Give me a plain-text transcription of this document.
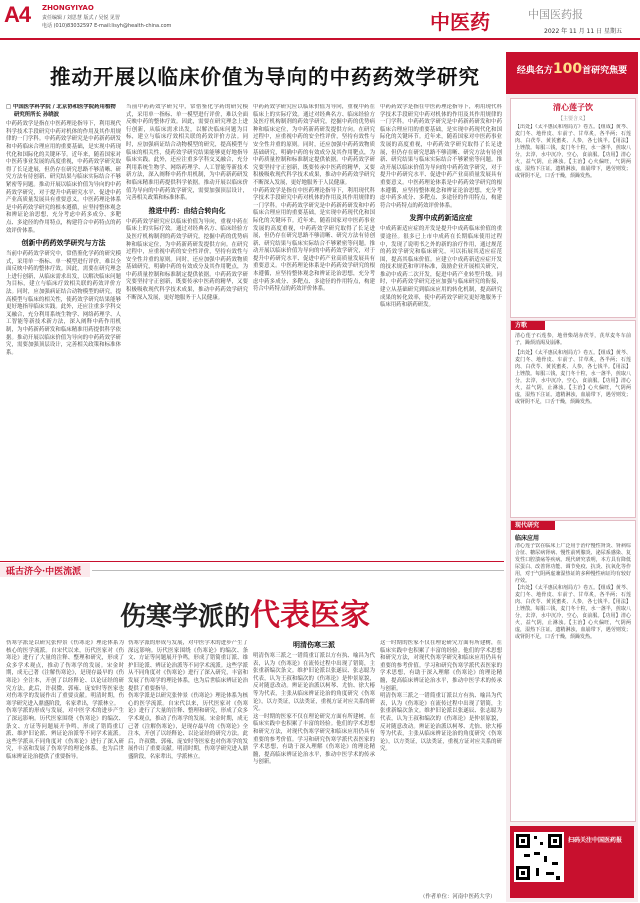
A4 ZHONGYIYAO
责任编辑 / 刘思慧 版式 / 吴悦 见習
电话 (010)83032597 E-mail:lisyh@health-china.com	中医药	中国医药报
2022 年 11 月 11 日 星期五
推动开展以临床价值为导向的中药药效学研究
□ 中国医学科学院 / 北京协和医学院药用植物
研究所所长 孙晓波
中药药效学是指在中医药理论指导下，利用现代科学技术手段研究中药对机体的作用及其作用规律的一门学科。中药药效学研究是中药新药研发和中药临床合理应用的重要基础，是实现中药现代化和国际化的关键环节。近年来，随着国家对中医药事业发展的高度重视，中药药效学研究取得了长足进展，但仍存在研究思路不够清晰、研究方法有待创新、研究结果与临床实际结合不够紧密等问题。推动开展以临床价值为导向的中药药效学研究，对于提升中药研究水平、促进中药产业高质量发展具有重要意义。中医药理论体系是中药药效学研究的根本遵循，应坚持整体观念和辨证论治思想，充分考虑中药多成分、多靶点、多途径的作用特点，构建符合中药特点的药效评价体系。
创新中药药效学研究与方法
当前中药药效学研究中，常借鉴化学药的研究模式，采用单一指标、单一模型进行评价，难以全面反映中药的整体疗效。因此，需要在研究理念上进行创新，从临床需求出发，以解决临床问题为目标，建立与临床疗效相关联的药效评价方法。同时，应加强病证结合动物模型的研究，提高模型与临床的相关性，使药效学研究结果能够更好地指导临床实践。此外，还应注重多学科交叉融合，充分利用系统生物学、网络药理学、人工智能等新技术新方法，深入阐释中药作用机制，为中药新药研发和临床精准用药提供科学依据。推动开展以临床价值为导向的中药药效学研究，需要加强顶层设计，完善相关政策和标准体系。
当前中药药效学研究中，常借鉴化学药的研究模式，采用单一指标、单一模型进行评价，难以全面反映中药的整体疗效。因此，需要在研究理念上进行创新，从临床需求出发，以解决临床问题为目标，建立与临床疗效相关联的药效评价方法。同时，应加强病证结合动物模型的研究，提高模型与临床的相关性，使药效学研究结果能够更好地指导临床实践。此外，还应注重多学科交叉融合，充分利用系统生物学、网络药理学、人工智能等新技术新方法，深入阐释中药作用机制，为中药新药研发和临床精准用药提供科学依据。推动开展以临床价值为导向的中药药效学研究，需要加强顶层设计，完善相关政策和标准体系。
推进中药：由结合转向化
中药药效学研究应以临床价值为导向，重视中药在临床上的实际疗效。通过对经典名方、临床经验方及医疗机构制剂的药效学研究，挖掘中药的优势病种和临床定位，为中药新药研发提供方向。在研究过程中，应重视中药的安全性评价，坚持有效性与安全性并重的原则。同时，还应加强中药药效物质基础研究，明确中药的有效成分及其作用靶点，为中药质量控制和标准制定提供依据。中药药效学研究要坚持守正创新，既要传承中医药的精华，又要积极吸收现代科学技术成果，推动中药药效学研究不断深入发展，更好地服务于人民健康。
中药药效学研究应以临床价值为导向，重视中药在临床上的实际疗效。通过对经典名方、临床经验方及医疗机构制剂的药效学研究，挖掘中药的优势病种和临床定位，为中药新药研发提供方向。在研究过程中，应重视中药的安全性评价，坚持有效性与安全性并重的原则。同时，还应加强中药药效物质基础研究，明确中药的有效成分及其作用靶点，为中药质量控制和标准制定提供依据。中药药效学研究要坚持守正创新，既要传承中医药的精华，又要积极吸收现代科学技术成果，推动中药药效学研究不断深入发展，更好地服务于人民健康。
中药药效学是指在中医药理论指导下，利用现代科学技术手段研究中药对机体的作用及其作用规律的一门学科。中药药效学研究是中药新药研发和中药临床合理应用的重要基础，是实现中药现代化和国际化的关键环节。近年来，随着国家对中医药事业发展的高度重视，中药药效学研究取得了长足进展，但仍存在研究思路不够清晰、研究方法有待创新、研究结果与临床实际结合不够紧密等问题。推动开展以临床价值为导向的中药药效学研究，对于提升中药研究水平、促进中药产业高质量发展具有重要意义。中医药理论体系是中药药效学研究的根本遵循，应坚持整体观念和辨证论治思想，充分考虑中药多成分、多靶点、多途径的作用特点，构建符合中药特点的药效评价体系。
中药药效学是指在中医药理论指导下，利用现代科学技术手段研究中药对机体的作用及其作用规律的一门学科。中药药效学研究是中药新药研发和中药临床合理应用的重要基础，是实现中药现代化和国际化的关键环节。近年来，随着国家对中医药事业发展的高度重视，中药药效学研究取得了长足进展，但仍存在研究思路不够清晰、研究方法有待创新、研究结果与临床实际结合不够紧密等问题。推动开展以临床价值为导向的中药药效学研究，对于提升中药研究水平、促进中药产业高质量发展具有重要意义。中医药理论体系是中药药效学研究的根本遵循，应坚持整体观念和辨证论治思想，充分考虑中药多成分、多靶点、多途径的作用特点，构建符合中药特点的药效评价体系。
发挥中成药新适应症
中成药新适应症的开发是提升中成药临床价值的重要途径。很多已上市中成药在长期临床使用过程中，发现了说明书之外的新的治疗作用，通过规范的药效学研究和临床研究，可以拓展其适应症范围，提高其临床价值。应建立中成药新适应症开发的技术规范和审评标准，鼓励企业开展相关研究，推动中成药二次开发，促进中药产业转型升级。同时，中药药效学研究还应加强与临床研究的衔接，建立从基础研究到临床应用的转化机制，提高研究成果的转化效率，使中药药效学研究更好地服务于临床用药和新药研发。
砥古济今·中医流派
伤寒学派的代表医家
伤寒学派是以研究张仲景《伤寒论》理论体系为核心的医学流派。自宋代以来，历代医家对《伤寒论》进行了大量的注释、整理和研究，形成了众多学术观点，推动了伤寒学的发展。宋金时期，成无己著《注解伤寒论》，是现存最早的《伤寒论》全注本，开创了以经释论、以论证经的研究方法。此后，许叔微、郭雍、庞安时等医家也对伤寒学的发展作出了重要贡献。明清时期，伤寒学研究进入鼎盛阶段，名家辈出，学派林立。
伤寒学派的形成与发展，对中医学术的进步产生了深远影响。历代医家围绕《伤寒论》的编次、条文、方证等问题展开争鸣，形成了错简重订派、维护旧论派、辨证论治派等不同学术流派。这些学派从不同角度对《伤寒论》进行了深入研究，丰富和发展了伤寒学的理论体系，也为后世临床辨证论治提供了重要指导。
伤寒学派的形成与发展，对中医学术的进步产生了深远影响。历代医家围绕《伤寒论》的编次、条文、方证等问题展开争鸣，形成了错简重订派、维护旧论派、辨证论治派等不同学术流派。这些学派从不同角度对《伤寒论》进行了深入研究，丰富和发展了伤寒学的理论体系，也为后世临床辨证论治提供了重要指导。
伤寒学派是以研究张仲景《伤寒论》理论体系为核心的医学流派。自宋代以来，历代医家对《伤寒论》进行了大量的注释、整理和研究，形成了众多学术观点，推动了伤寒学的发展。宋金时期，成无己著《注解伤寒论》，是现存最早的《伤寒论》全注本，开创了以经释论、以论证经的研究方法。此后，许叔微、郭雍、庞安时等医家也对伤寒学的发展作出了重要贡献。明清时期，伤寒学研究进入鼎盛阶段，名家辈出，学派林立。
明清伤寒三派
明清伤寒三派之一错简重订派以方有执、喻昌为代表，认为《伤寒论》在流传过程中出现了错简，主张重新编次条文。维护旧论派以张遂辰、张志聪为代表，认为王叔和编次的《伤寒论》是仲景原貌，反对随意改动。辨证论治派以柯琴、尤怡、徐大椿等为代表，主张从临床辨证论治的角度研究《伤寒论》，以方类证，以法类证，重视方证对应关系的研究。
这一时期的医家不仅在理论研究方面有所建树，在临床实践中也积累了丰富的经验。他们的学术思想和研究方法，对现代伤寒学研究和临床应用仍具有重要的参考价值。学习和研究伤寒学派代表医家的学术思想，有助于深入理解《伤寒论》的理论精髓，提高临床辨证论治水平，推动中医学术的传承与创新。
这一时期的医家不仅在理论研究方面有所建树，在临床实践中也积累了丰富的经验。他们的学术思想和研究方法，对现代伤寒学研究和临床应用仍具有重要的参考价值。学习和研究伤寒学派代表医家的学术思想，有助于深入理解《伤寒论》的理论精髓，提高临床辨证论治水平，推动中医学术的传承与创新。
明清伤寒三派之一错简重订派以方有执、喻昌为代表，认为《伤寒论》在流传过程中出现了错简，主张重新编次条文。维护旧论派以张遂辰、张志聪为代表，认为王叔和编次的《伤寒论》是仲景原貌，反对随意改动。辨证论治派以柯琴、尤怡、徐大椿等为代表，主张从临床辨证论治的角度研究《伤寒论》，以方类证，以法类证，重视方证对应关系的研究。
（作者单位：河南中医药大学）
经典名方100首研究焦要
清心莲子饮
【主要含义】
【出处】《太平惠民和剂局方》卷五。【组成】黄芩、麦门冬、地骨皮、车前子、甘草炙，各半两；石莲肉、白茯苓、黄芪蜜炙、人参，各七钱半。【用法】上锉散。每服三钱，麦门冬十粒，水一盏半，煎取八分，去滓，水中沉冷，空心，食前服。【功用】清心火，益气阴，止淋浊。【主治】心火偏旺，气阴两虚，湿热下注证。遗精淋浊，血崩带下，遇劳则发；或肾阴不足，口舌干燥，烦躁发热。
方歌
清心莲子石莲参，地骨柴胡赤茯苓，芪草麦冬车前子，躁烦消渴及崩淋。
【出处】《太平惠民和剂局方》卷五。【组成】黄芩、麦门冬、地骨皮、车前子、甘草炙，各半两；石莲肉、白茯苓、黄芪蜜炙、人参，各七钱半。【用法】上锉散。每服三钱，麦门冬十粒，水一盏半，煎取八分，去滓，水中沉冷，空心，食前服。【功用】清心火，益气阴，止淋浊。【主治】心火偏旺，气阴两虚，湿热下注证。遗精淋浊，血崩带下，遇劳则发；或肾阴不足，口舌干燥，烦躁发热。
现代研究
临床应用
清心莲子饮在临床上广泛用于治疗慢性肾炎、肾病综合征、糖尿病肾病、慢性前列腺炎、泌尿系感染、复发性口腔溃疡等疾病。现代研究表明，本方具有降低尿蛋白、改善肾功能、调节免疫、抗炎、抗氧化等作用，对于气阴两虚兼湿热证的多种慢性病证均有较好疗效。
【出处】《太平惠民和剂局方》卷五。【组成】黄芩、麦门冬、地骨皮、车前子、甘草炙，各半两；石莲肉、白茯苓、黄芪蜜炙、人参，各七钱半。【用法】上锉散。每服三钱，麦门冬十粒，水一盏半，煎取八分，去滓，水中沉冷，空心，食前服。【功用】清心火，益气阴，止淋浊。【主治】心火偏旺，气阴两虚，湿热下注证。遗精淋浊，血崩带下，遇劳则发；或肾阴不足，口舌干燥，烦躁发热。
扫码关注中国医药报
